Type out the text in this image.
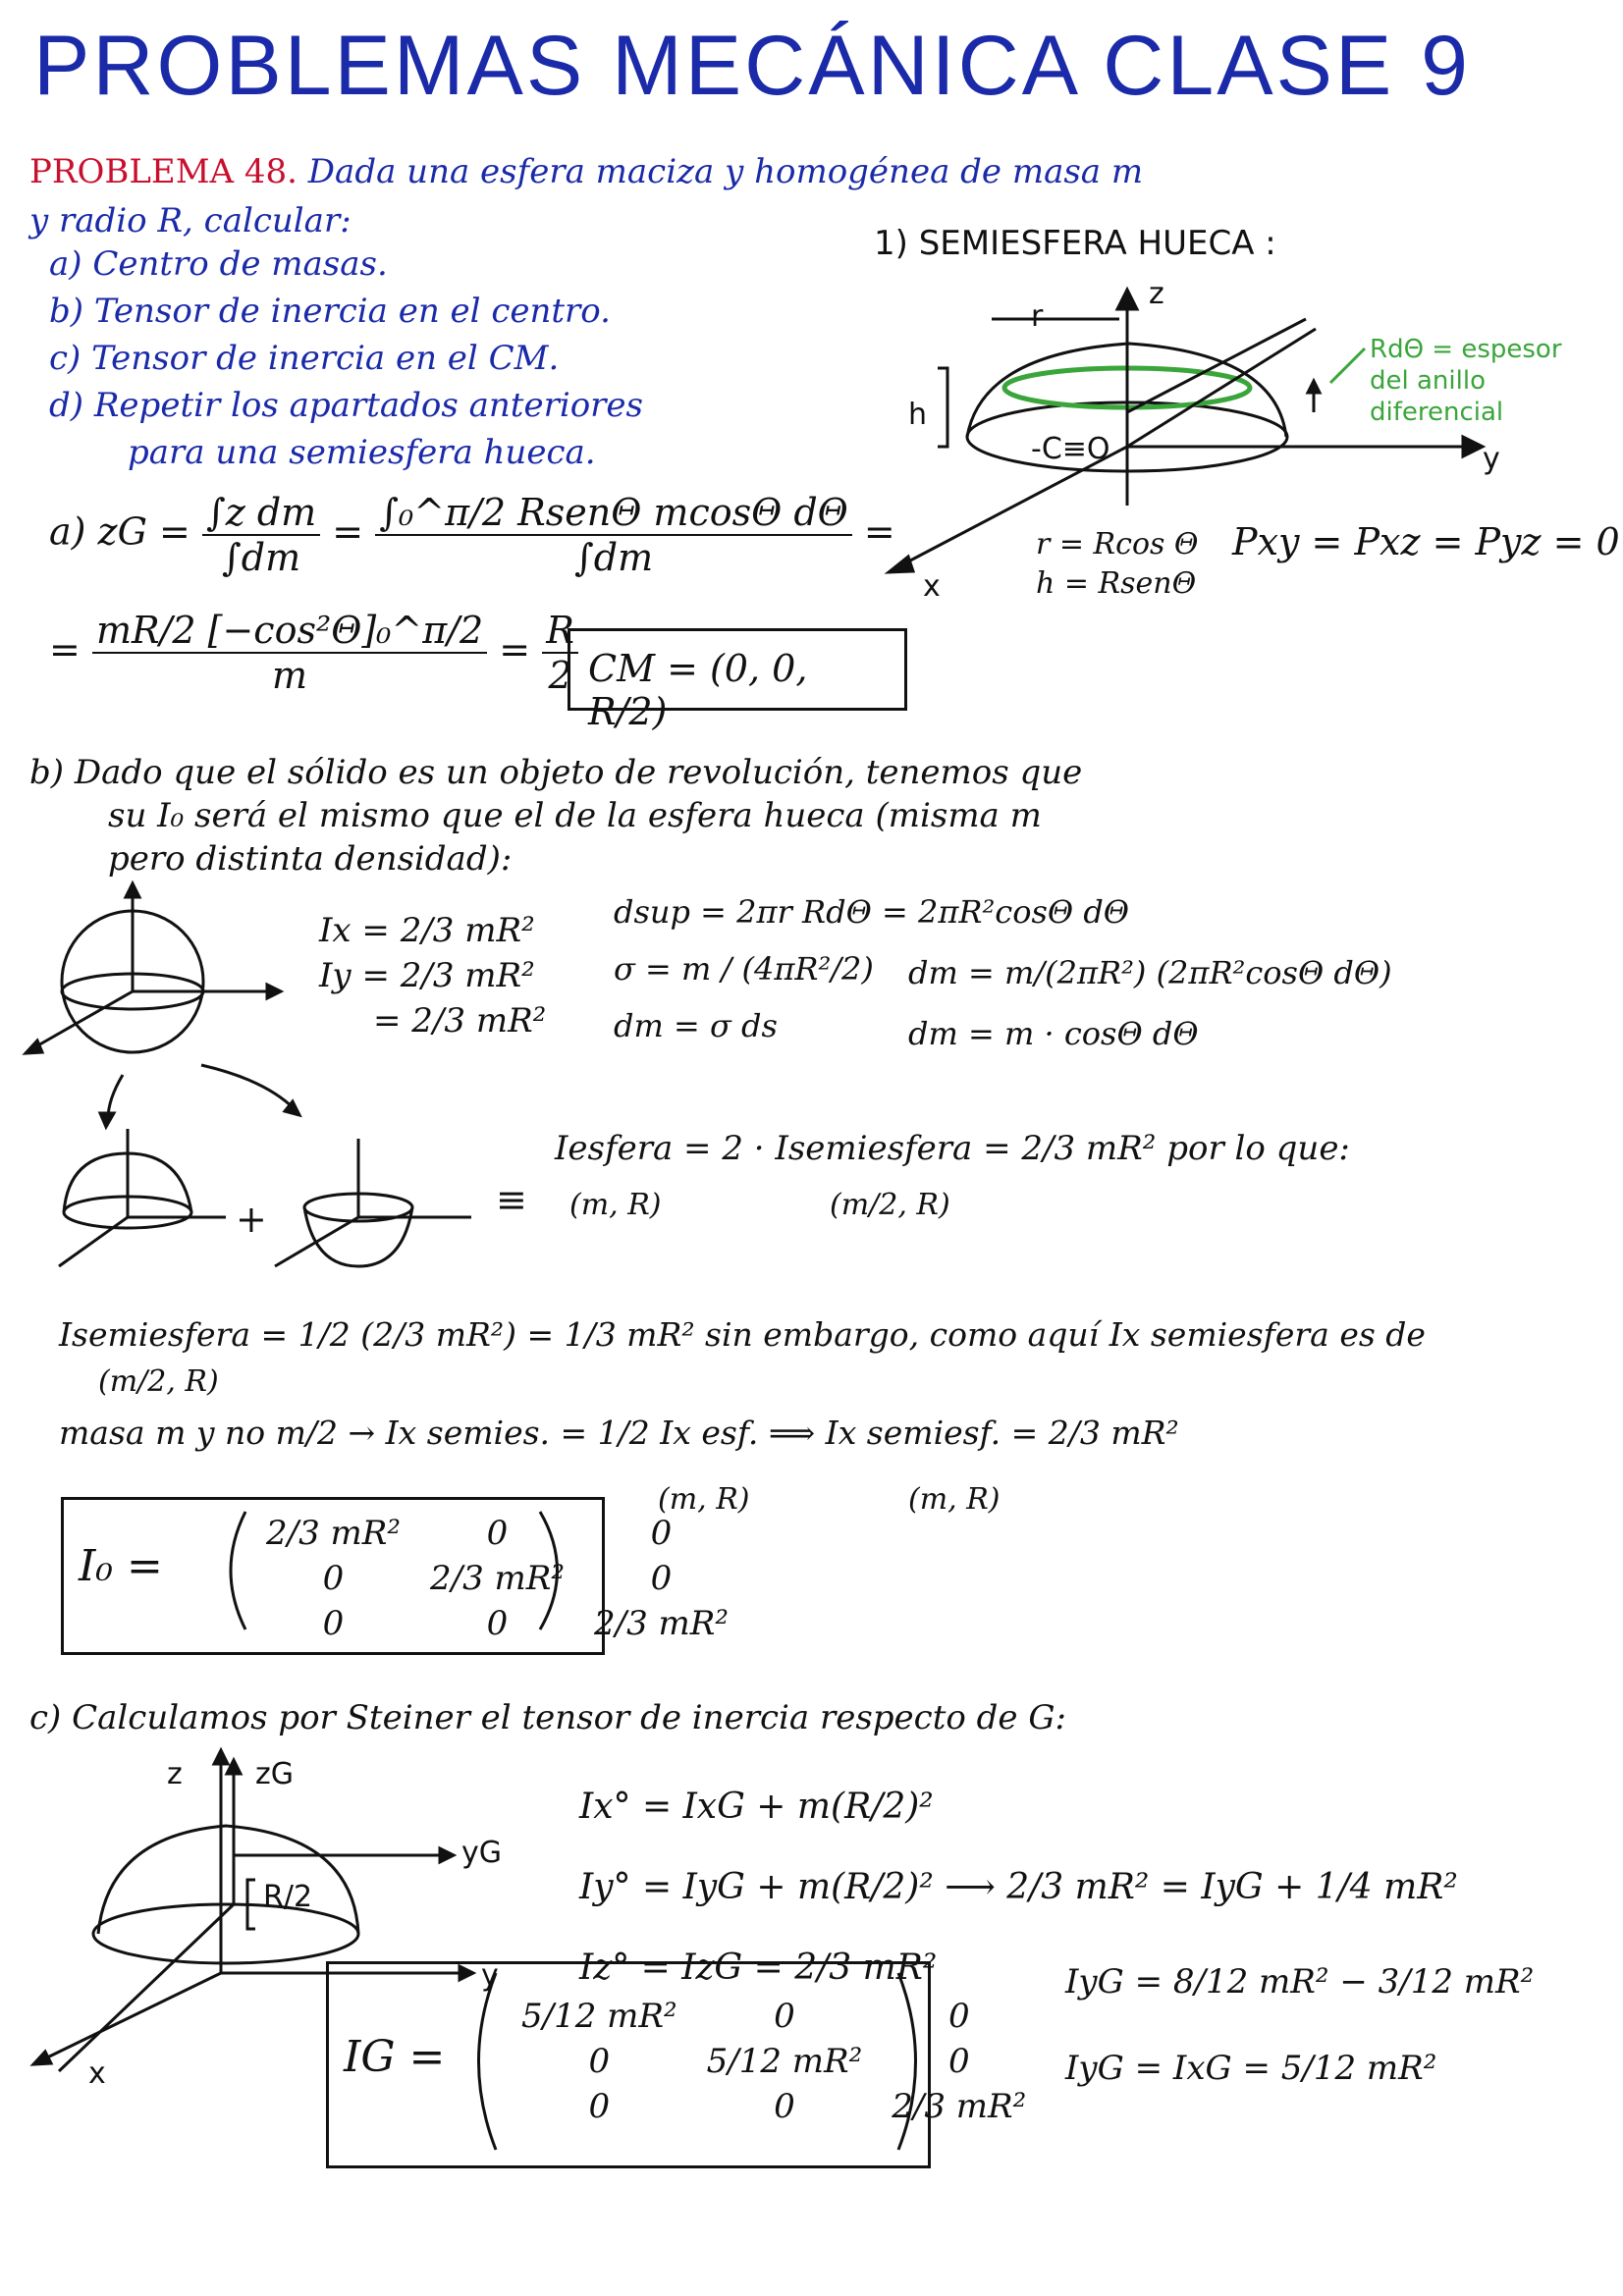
PROBLEMAS MECÁNICA CLASE 9
PROBLEMA 48. Dada una esfera maciza y homogénea de masa m
y radio R, calcular:
a) Centro de masas.
b) Tensor de inercia en el centro.
c) Tensor de inercia en el CM.
d) Repetir los apartados anteriores
para una semiesfera hueca.
1) SEMIESFERA HUECA :
r
z
h
-C≡O	y
x
RdΘ = espesor
del anillo
diferencial
r = Rcos Θ
h = RsenΘ
Pxy = Pxz = Pyz = 0
a) zG = $\frac{\text{∫z dm}}{\int dm} = \frac{\text{∫₀\textasciicircum{}π/2 RsenΘ mcosΘ dΘ}}{\int dm}$ =
= $\frac{\text{mR/2 [−cos²Θ]₀\textasciicircum{}π/2}}{m} = \frac{R}{2}$ CM = (0, 0, R/2)
b) Dado que el sólido es un objeto de revolución, tenemos que
su I₀ será el mismo que el de la esfera hueca (misma m
pero distinta densidad):
Ix = 2/3 mR²
Iy = 2/3 mR²
= 2/3 mR²
dsup = 2πr RdΘ = 2πR²cosΘ dΘ
σ = m / (4πR²/2)
dm = σ ds
dm = m/(2πR²) (2πR²cosΘ dΘ)
dm = m · cosΘ dΘ
+	≡
Iesfera = 2 · Isemiesfera = 2/3 mR² por lo que:
(m, R)	(m/2, R)
Isemiesfera = 1/2 (2/3 mR²) = 1/3 mR² sin embargo, como aquí Ix semiesfera es de
(m/2, R)
masa m y no m/2 → Ix semies. = 1/2 Ix esf. ⟹ Ix semiesf. = 2/3 mR²
(m, R)	(m, R)
I₀ =
2/3 mR²	0	0
0	2/3 mR²	0
0	0	2/3 mR²
c) Calculamos por Steiner el tensor de inercia respecto de G:
z zG
yG
y
x
R/2
Ix° = IxG + m(R/2)²
Iy° = IyG + m(R/2)² ⟶ 2/3 mR² = IyG + 1/4 mR²
Iz° = IzG = 2/3 mR²	IyG = 8/12 mR² − 3/12 mR²
IyG = IxG = 5/12 mR²
IG =
5/12 mR²	0	0
0	5/12 mR²	0
0	0	2/3 mR²
